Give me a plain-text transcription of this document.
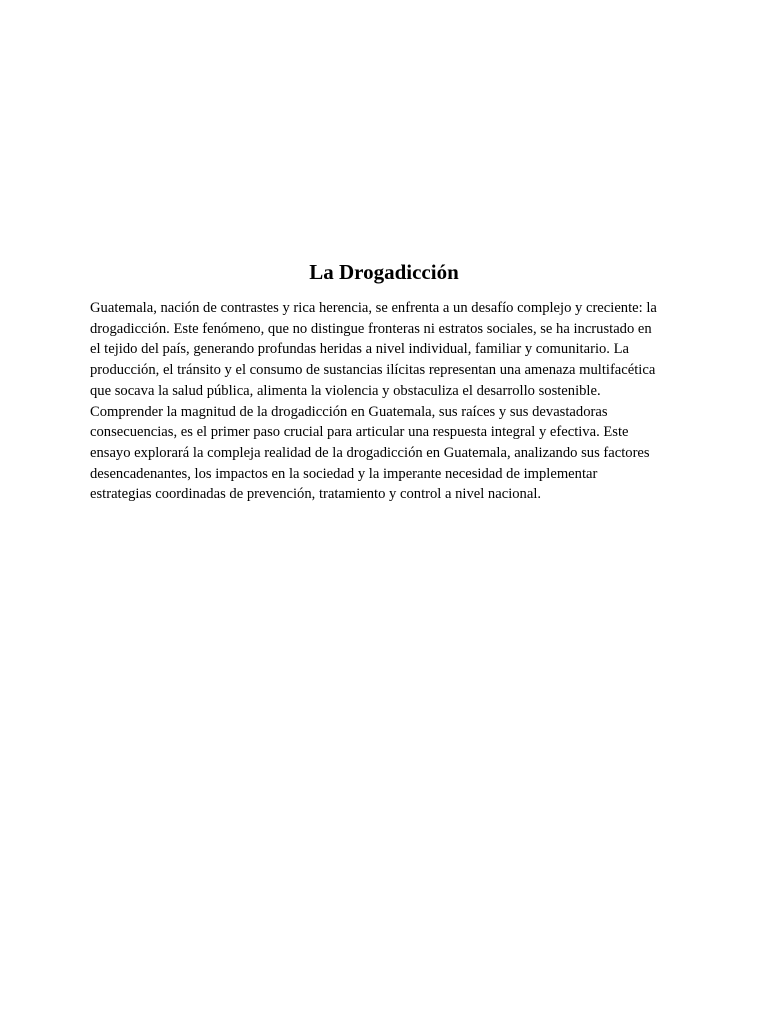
La Drogadicción

Guatemala, nación de contrastes y rica herencia, se enfrenta a un desafío complejo y creciente: la
drogadicción. Este fenómeno, que no distingue fronteras ni estratos sociales, se ha incrustado en
el tejido del país, generando profundas heridas a nivel individual, familiar y comunitario. La
producción, el tránsito y el consumo de sustancias ilícitas representan una amenaza multifacética
que socava la salud pública, alimenta la violencia y obstaculiza el desarrollo sostenible.
Comprender la magnitud de la drogadicción en Guatemala, sus raíces y sus devastadoras
consecuencias, es el primer paso crucial para articular una respuesta integral y efectiva. Este
ensayo explorará la compleja realidad de la drogadicción en Guatemala, analizando sus factores
desencadenantes, los impactos en la sociedad y la imperante necesidad de implementar
estrategias coordinadas de prevención, tratamiento y control a nivel nacional.
